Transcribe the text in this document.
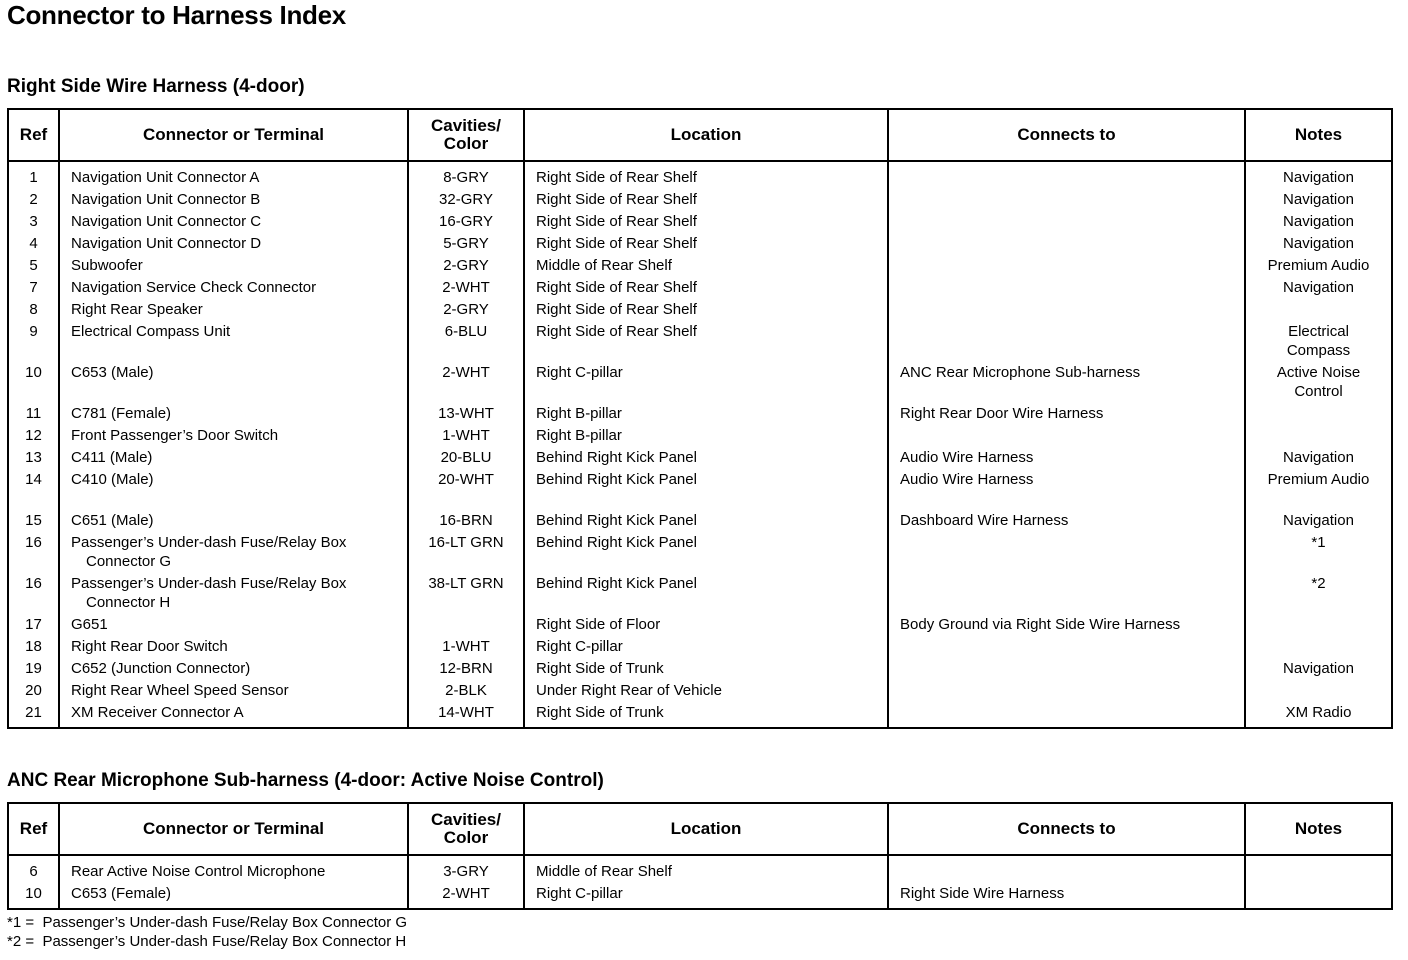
Connector to Harness Index
Right Side Wire Harness (4-door)
Ref	Connector or Terminal	Cavities/
Color	Location	Connects to	Notes

1	Navigation Unit Connector A	8-GRY	Right Side of Rear Shelf		Navigation

2	Navigation Unit Connector B	32-GRY	Right Side of Rear Shelf		Navigation

3	Navigation Unit Connector C	16-GRY	Right Side of Rear Shelf		Navigation

4	Navigation Unit Connector D	5-GRY	Right Side of Rear Shelf		Navigation

5	Subwoofer	2-GRY	Middle of Rear Shelf		Premium Audio

7	Navigation Service Check Connector	2-WHT	Right Side of Rear Shelf		Navigation

8	Right Rear Speaker	2-GRY	Right Side of Rear Shelf		

9	Electrical Compass Unit	6-BLU	Right Side of Rear Shelf		Electrical
Compass

10	C653 (Male)	2-WHT	Right C-pillar	ANC Rear Microphone Sub-harness	Active Noise
Control

11	C781 (Female)	13-WHT	Right B-pillar	Right Rear Door Wire Harness	

12	Front Passenger’s Door Switch	1-WHT	Right B-pillar		

13	C411 (Male)	20-BLU	Behind Right Kick Panel	Audio Wire Harness	Navigation

14	C410 (Male)	20-WHT	Behind Right Kick Panel	Audio Wire Harness	Premium Audio

15	C651 (Male)	16-BRN	Behind Right Kick Panel	Dashboard Wire Harness	Navigation

16	Passenger’s Under-dash Fuse/Relay Box
Connector G	16-LT GRN	Behind Right Kick Panel		*1

16	Passenger’s Under-dash Fuse/Relay Box
Connector H	38-LT GRN	Behind Right Kick Panel		*2

17	G651		Right Side of Floor	Body Ground via Right Side Wire Harness	

18	Right Rear Door Switch	1-WHT	Right C-pillar		

19	C652 (Junction Connector)	12-BRN	Right Side of Trunk		Navigation

20	Right Rear Wheel Speed Sensor	2-BLK	Under Right Rear of Vehicle		

21	XM Receiver Connector A	14-WHT	Right Side of Trunk		XM Radio
ANC Rear Microphone Sub-harness (4-door: Active Noise Control)
Ref	Connector or Terminal	Cavities/
Color	Location	Connects to	Notes

6	Rear Active Noise Control Microphone	3-GRY	Middle of Rear Shelf		

10	C653 (Female)	2-WHT	Right C-pillar	Right Side Wire Harness	

*1 =  Passenger’s Under-dash Fuse/Relay Box Connector G
*2 =  Passenger’s Under-dash Fuse/Relay Box Connector H
